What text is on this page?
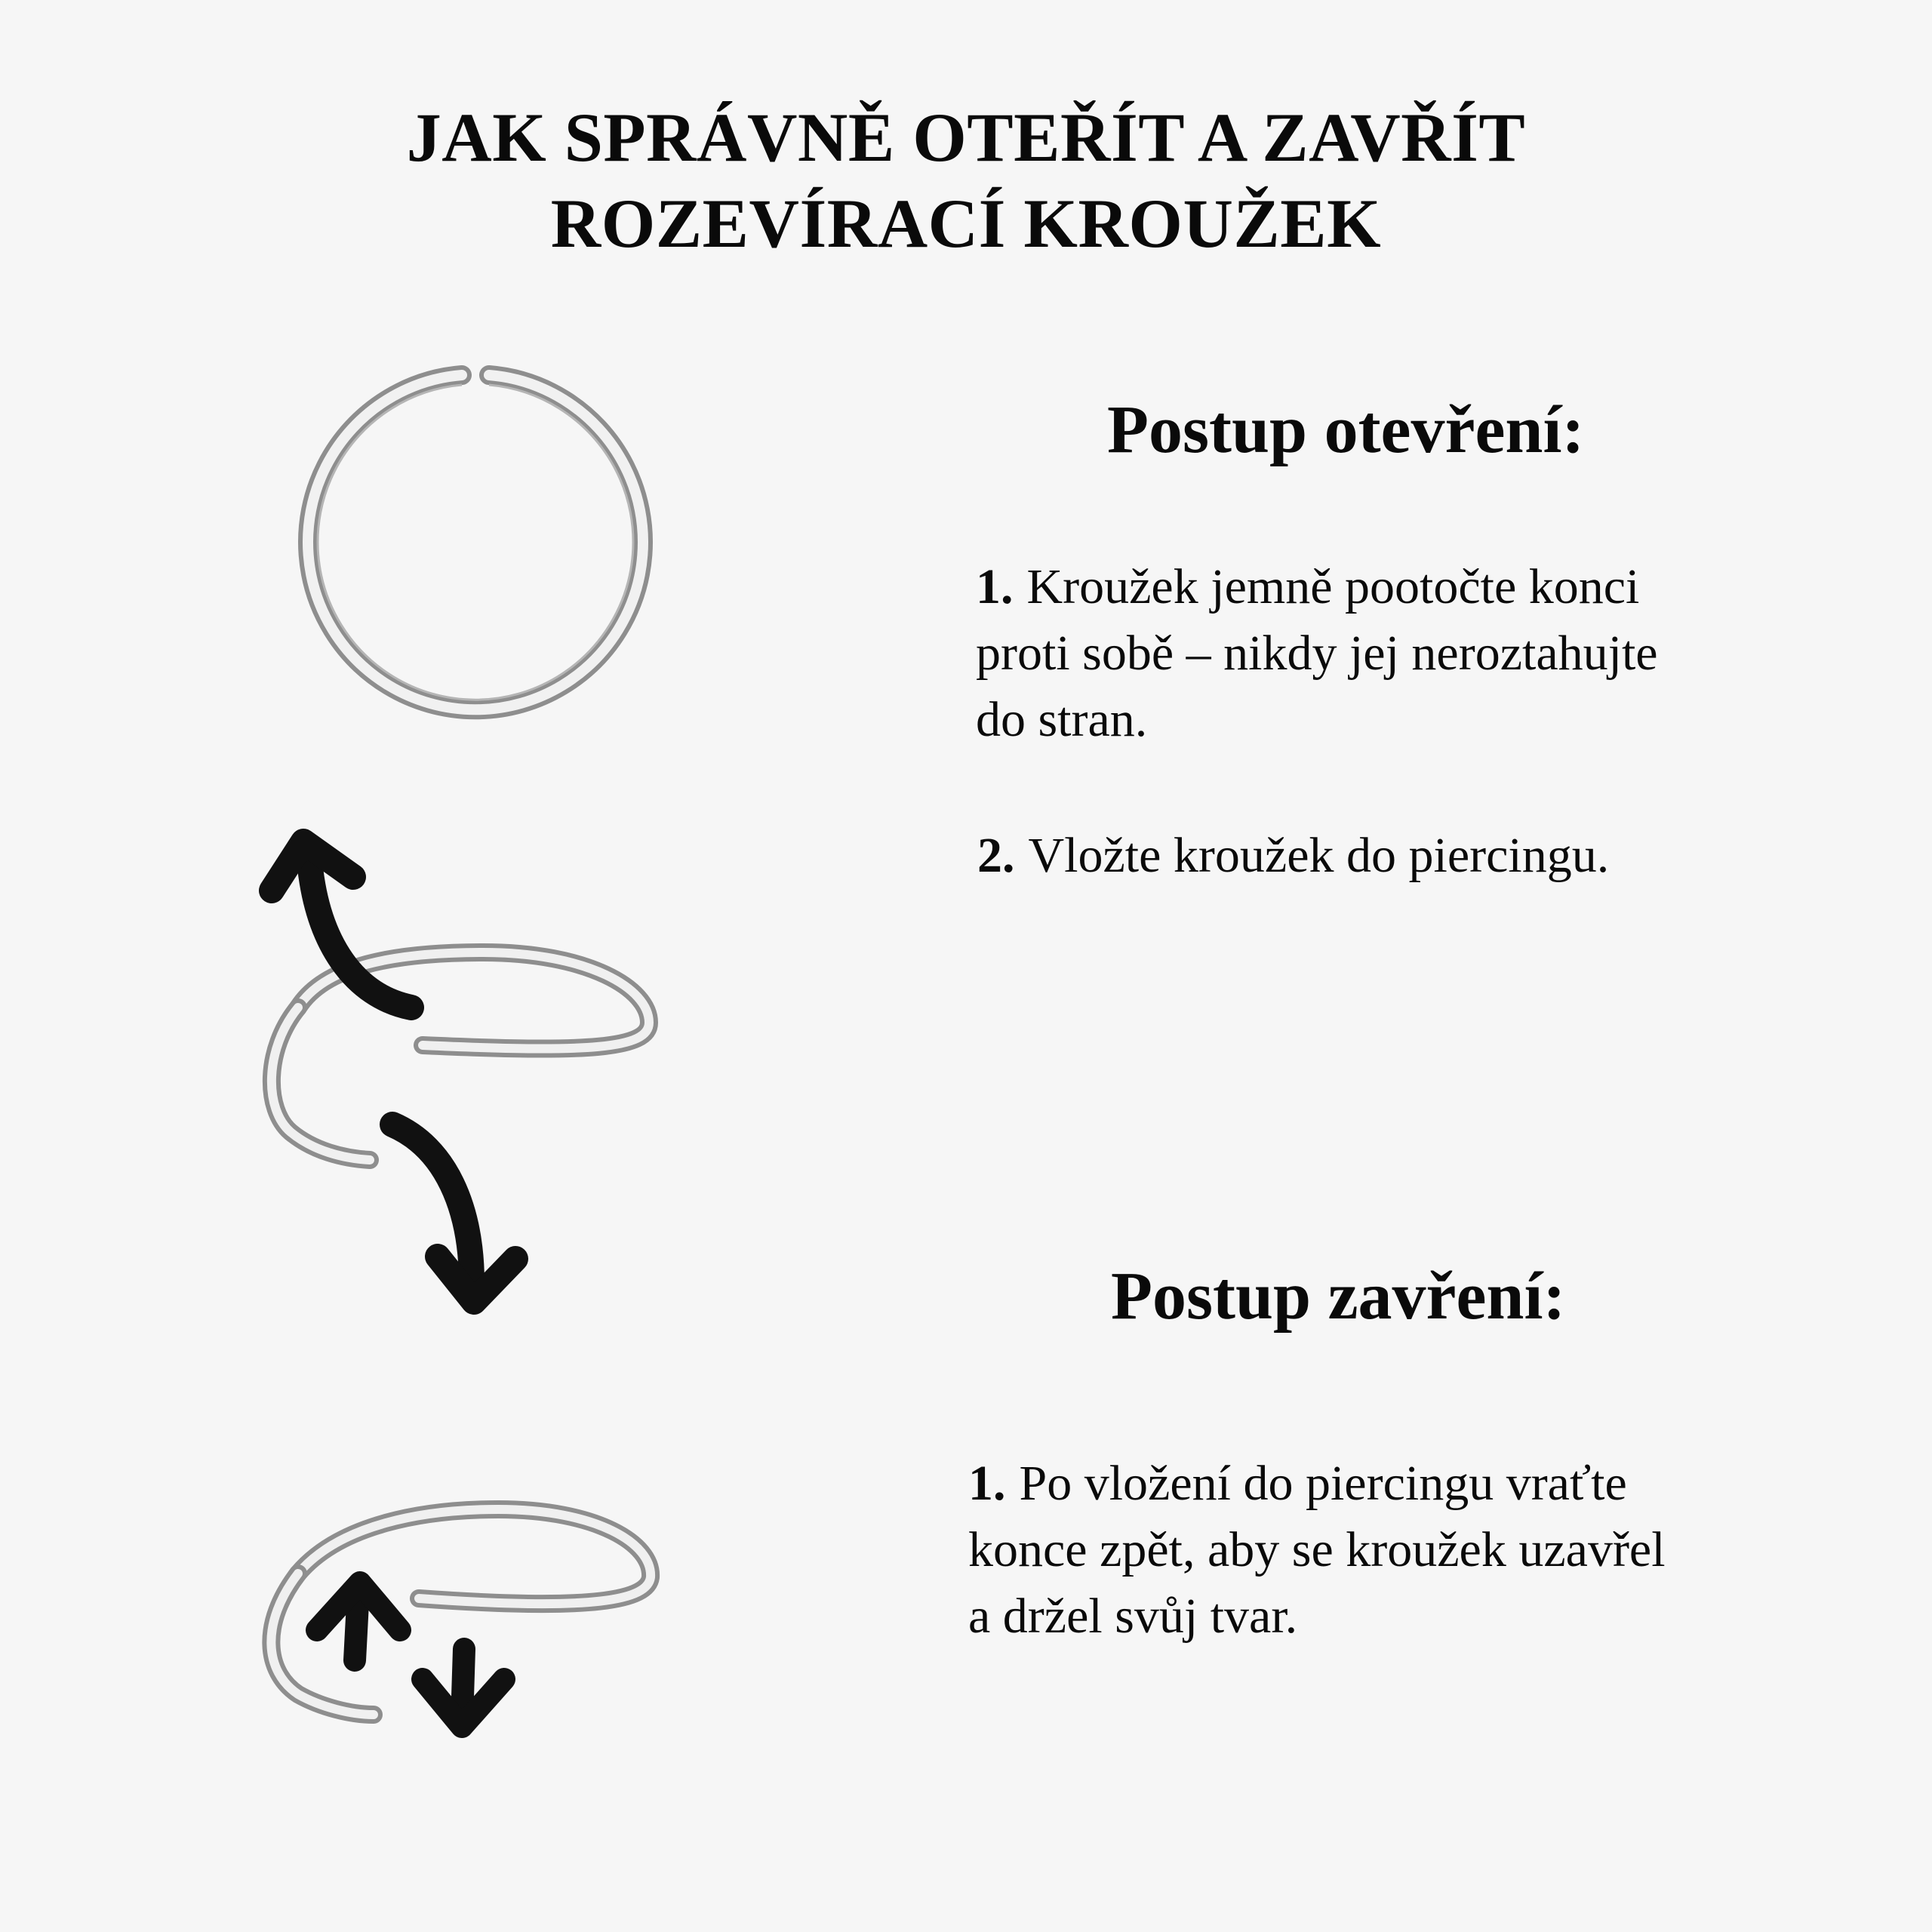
JAK SPRÁVNĚ OTEŘÍT A ZAVŘÍT
ROZEVÍRACÍ KROUŽEK
Postup otevření:
1. Kroužek jemně pootočte konci
proti sobě – nikdy jej neroztahujte
do stran.
2. Vložte kroužek do piercingu.
Postup zavření:
1. Po vložení do piercingu vraťte
konce zpět, aby se kroužek uzavřel
a držel svůj tvar.
